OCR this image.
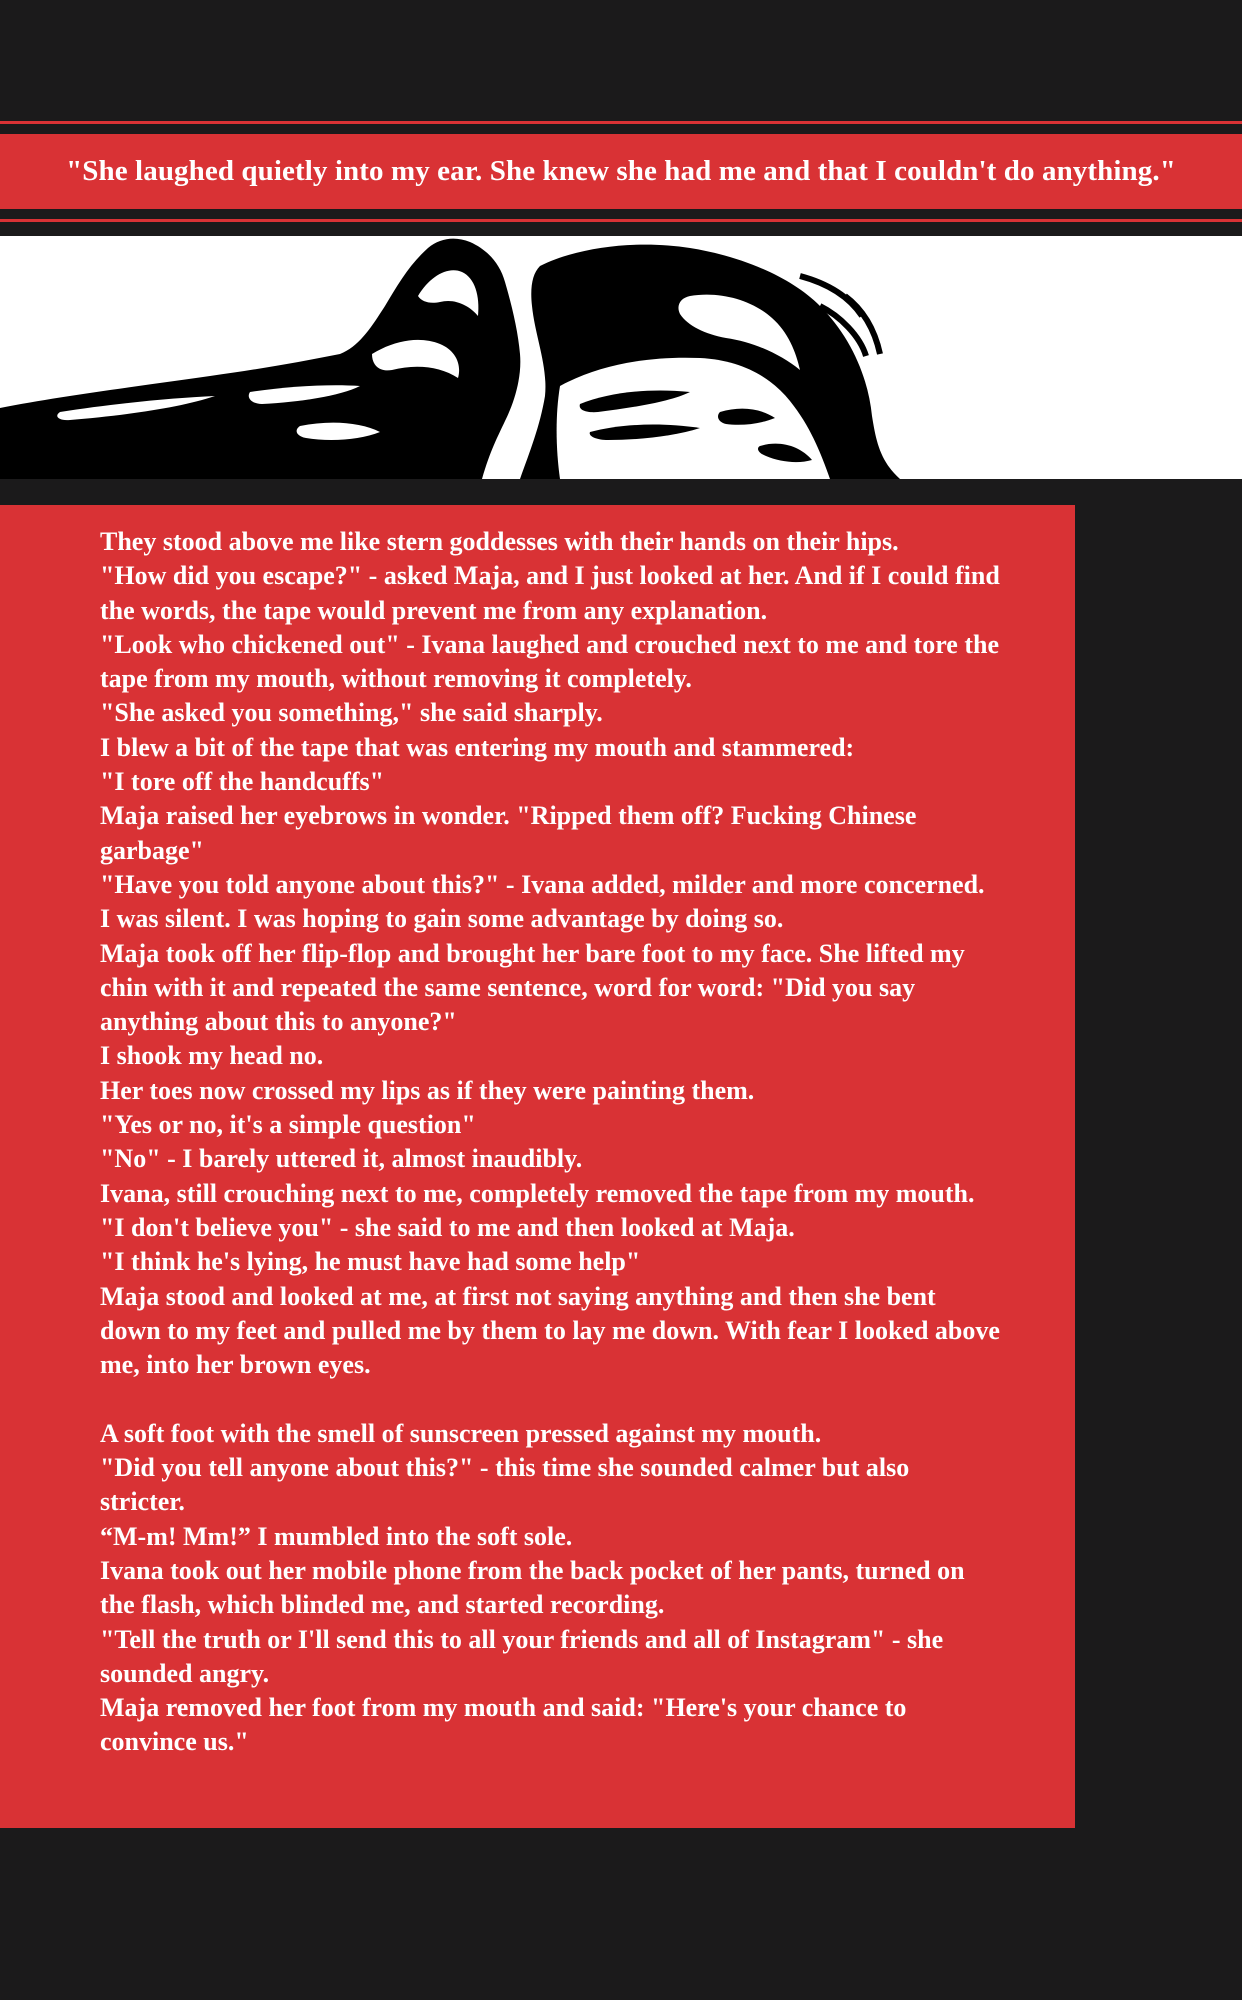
"She laughed quietly into my ear. She knew she had me and that I couldn't do anything."

They stood above me like stern goddesses with their hands on their hips.

"How did you escape?" - asked Maja, and I just looked at her. And if I could find the words, the tape would prevent me from any explanation.

"Look who chickened out" - Ivana laughed and crouched next to me and tore the tape from my mouth, without removing it completely.

"She asked you something," she said sharply.

I blew a bit of the tape that was entering my mouth and stammered:

"I tore off the handcuffs"

Maja raised her eyebrows in wonder. "Ripped them off? Fucking Chinese garbage"

"Have you told anyone about this?" - Ivana added, milder and more concerned.

I was silent. I was hoping to gain some advantage by doing so.

Maja took off her flip-flop and brought her bare foot to my face. She lifted my chin with it and repeated the same sentence, word for word: "Did you say anything about this to anyone?"

I shook my head no.

Her toes now crossed my lips as if they were painting them.

"Yes or no, it's a simple question"

"No" - I barely uttered it, almost inaudibly.

Ivana, still crouching next to me, completely removed the tape from my mouth.

"I don't believe you" - she said to me and then looked at Maja.

"I think he's lying, he must have had some help"

Maja stood and looked at me, at first not saying anything and then she bent down to my feet and pulled me by them to lay me down. With fear I looked above me, into her brown eyes.

A soft foot with the smell of sunscreen pressed against my mouth.

"Did you tell anyone about this?" - this time she sounded calmer but also stricter.

“M-m! Mm!” I mumbled into the soft sole.

Ivana took out her mobile phone from the back pocket of her pants, turned on the flash, which blinded me, and started recording.

"Tell the truth or I'll send this to all your friends and all of Instagram" - she sounded angry.

Maja removed her foot from my mouth and said: "Here's your chance to convince us."
